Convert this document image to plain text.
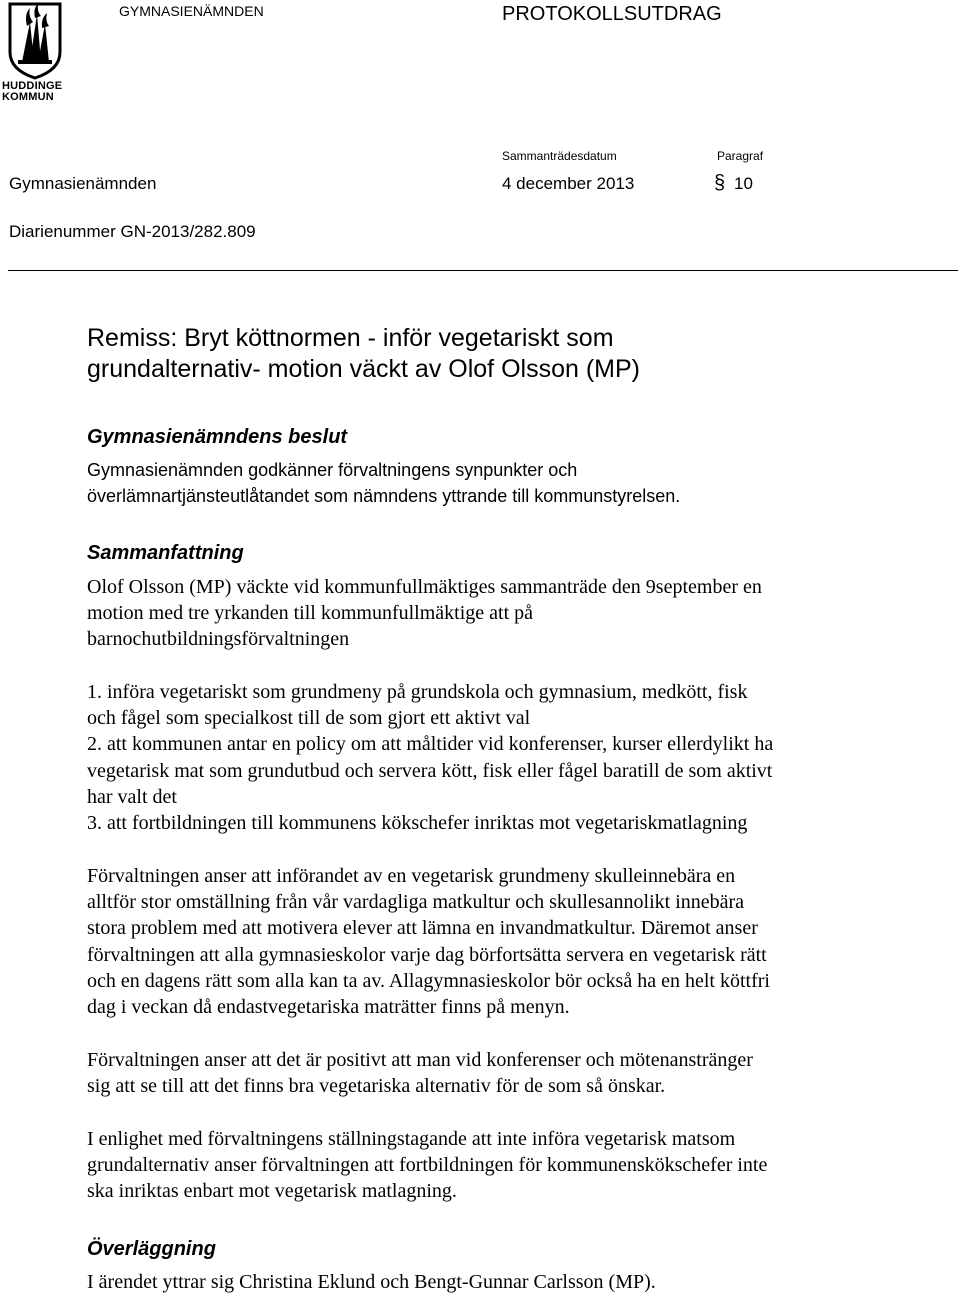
HUDDINGE
KOMMUN
GYMNASIENÄMNDEN	PROTOKOLLSUTDRAG
Sammanträdesdatum	Paragraf
Gymnasienämnden	4 december 2013	§ 10
Diarienummer GN-2013/282.809
Remiss: Bryt köttnormen - inför vegetariskt som
grundalternativ- motion väckt av Olof Olsson (MP)
Gymnasienämndens beslut
Gymnasienämnden godkänner förvaltningens synpunkter och
överlämnartjänsteutlåtandet som nämndens yttrande till kommunstyrelsen.
Sammanfattning
Olof Olsson (MP) väckte vid kommunfullmäktiges sammanträde den 9september en
motion med tre yrkanden till kommunfullmäktige att på
barnochutbildningsförvaltningen
1. införa vegetariskt som grundmeny på grundskola och gymnasium, medkött, fisk
och fågel som specialkost till de som gjort ett aktivt val
2. att kommunen antar en policy om att måltider vid konferenser, kurser ellerdylikt ha
vegetarisk mat som grundutbud och servera kött, fisk eller fågel baratill de som aktivt
har valt det
3. att fortbildningen till kommunens kökschefer inriktas mot vegetariskmatlagning
Förvaltningen anser att införandet av en vegetarisk grundmeny skulleinnebära en
alltför stor omställning från vår vardagliga matkultur och skullesannolikt innebära
stora problem med att motivera elever att lämna en invandmatkultur. Däremot anser
förvaltningen att alla gymnasieskolor varje dag börfortsätta servera en vegetarisk rätt
och en dagens rätt som alla kan ta av. Allagymnasieskolor bör också ha en helt köttfri
dag i veckan då endastvegetariska maträtter finns på menyn.
Förvaltningen anser att det är positivt att man vid konferenser och mötenanstränger
sig att se till att det finns bra vegetariska alternativ för de som så önskar.
I enlighet med förvaltningens ställningstagande att inte införa vegetarisk matsom
grundalternativ anser förvaltningen att fortbildningen för kommunenskökschefer inte
ska inriktas enbart mot vegetarisk matlagning.
Överläggning
I ärendet yttrar sig Christina Eklund och Bengt-Gunnar Carlsson (MP).
